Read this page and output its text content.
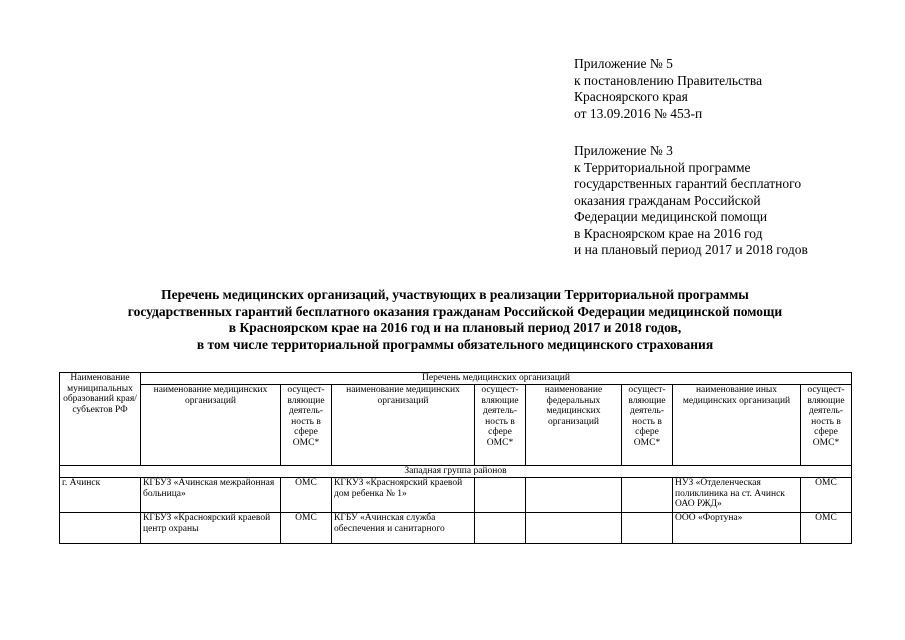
Приложение № 5
к постановлению Правительства
Красноярского края
от 13.09.2016 № 453-п
Приложение № 3
к Территориальной программе
государственных гарантий бесплатного
оказания гражданам Российской
Федерации медицинской помощи
в Красноярском крае на 2016 год
и на плановый период 2017 и 2018 годов
Перечень медицинских организаций, участвующих в реализации Территориальной программы
государственных гарантий бесплатного оказания гражданам Российской Федерации медицинской помощи
в Красноярском крае на 2016 год и на плановый период 2017 и 2018 годов,
в том числе территориальной программы обязательного медицинского страхования
Наименование муниципальных образований края/субъектов РФ	Перечень медицинских организаций							
	наименование медицинских организаций	осущест-вляющие деятель-ность в сфере ОМС*	наименование медицинских организаций	осущест-вляющие деятель-ность в сфере ОМС*	наименование федеральных медицинских организаций	осущест-вляющие деятель-ность в сфере ОМС*	наименование иных медицинских организаций	осущест-вляющие деятель-ность в сфере ОМС*
Западная группа районов								
г. Ачинск	КГБУЗ «Ачинская межрайонная больница»	ОМС	КГКУЗ «Красноярский краевой дом ребенка № 1»				НУЗ «Отделенческая поликлиника на ст. Ачинск ОАО РЖД»	ОМС
	КГБУЗ «Красноярский краевой центр охраны	ОМС	КГБУ «Ачинская служба обеспечения и санитарного				ООО «Фортуна»	ОМС
